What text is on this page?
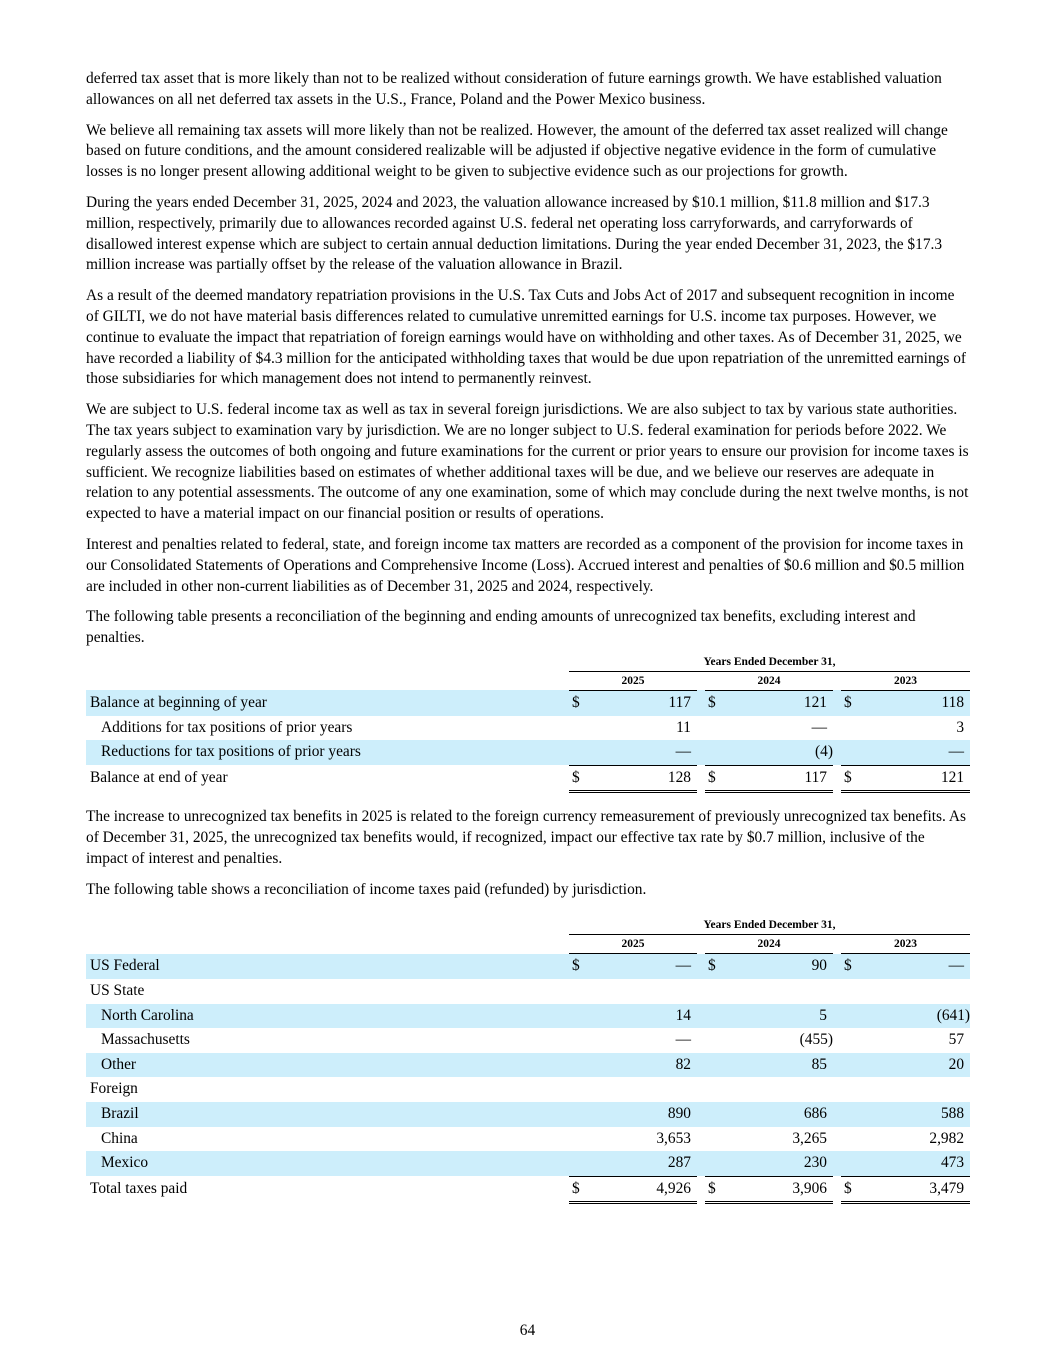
deferred tax asset that is more likely than not to be realized without consideration of future earnings growth. We have established valuation allowances on all net deferred tax assets in the U.S., France, Poland and the Power Mexico business.

We believe all remaining tax assets will more likely than not be realized. However, the amount of the deferred tax asset realized will change based on future conditions, and the amount considered realizable will be adjusted if objective negative evidence in the form of cumulative losses is no longer present allowing additional weight to be given to subjective evidence such as our projections for growth.

During the years ended December 31, 2025, 2024 and 2023, the valuation allowance increased by $10.1 million, $11.8 million and $17.3 million, respectively, primarily due to allowances recorded against U.S. federal net operating loss carryforwards, and carryforwards of disallowed interest expense which are subject to certain annual deduction limitations. During the year ended December 31, 2023, the $17.3 million increase was partially offset by the release of the valuation allowance in Brazil.

As a result of the deemed mandatory repatriation provisions in the U.S. Tax Cuts and Jobs Act of 2017 and subsequent recognition in income of GILTI, we do not have material basis differences related to cumulative unremitted earnings for U.S. income tax purposes. However, we continue to evaluate the impact that repatriation of foreign earnings would have on withholding and other taxes. As of December 31, 2025, we have recorded a liability of $4.3 million for the anticipated withholding taxes that would be due upon repatriation of the unremitted earnings of those subsidiaries for which management does not intend to permanently reinvest.

We are subject to U.S. federal income tax as well as tax in several foreign jurisdictions. We are also subject to tax by various state authorities. The tax years subject to examination vary by jurisdiction. We are no longer subject to U.S. federal examination for periods before 2022. We regularly assess the outcomes of both ongoing and future examinations for the current or prior years to ensure our provision for income taxes is sufficient. We recognize liabilities based on estimates of whether additional taxes will be due, and we believe our reserves are adequate in relation to any potential assessments. The outcome of any one examination, some of which may conclude during the next twelve months, is not expected to have a material impact on our financial position or results of operations.

Interest and penalties related to federal, state, and foreign income tax matters are recorded as a component of the provision for income taxes in our Consolidated Statements of Operations and Comprehensive Income (Loss). Accrued interest and penalties of $0.6 million and $0.5 million are included in other non-current liabilities as of December 31, 2025 and 2024, respectively.

The following table presents a reconciliation of the beginning and ending amounts of unrecognized tax benefits, excluding interest and penalties.

	Years Ended December 31,							
	2025			2024			2023	
Balance at beginning of year	$	117		$	121		$	118
Additions for tax positions of prior years		11			—			3
Reductions for tax positions of prior years		—			(4)			—
Balance at end of year	$	128		$	117		$	121

The increase to unrecognized tax benefits in 2025 is related to the foreign currency remeasurement of previously unrecognized tax benefits. As of December 31, 2025, the unrecognized tax benefits would, if recognized, impact our effective tax rate by $0.7 million, inclusive of the impact of interest and penalties.

The following table shows a reconciliation of income taxes paid (refunded) by jurisdiction.

	Years Ended December 31,							
	2025			2024			2023	
US Federal	$	—		$	90		$	—
US State								
North Carolina		14			5			(641)
Massachusetts		—			(455)			57
Other		82			85			20
Foreign								
Brazil		890			686			588
China		3,653			3,265			2,982
Mexico		287			230			473
Total taxes paid	$	4,926		$	3,906		$	3,479
64
